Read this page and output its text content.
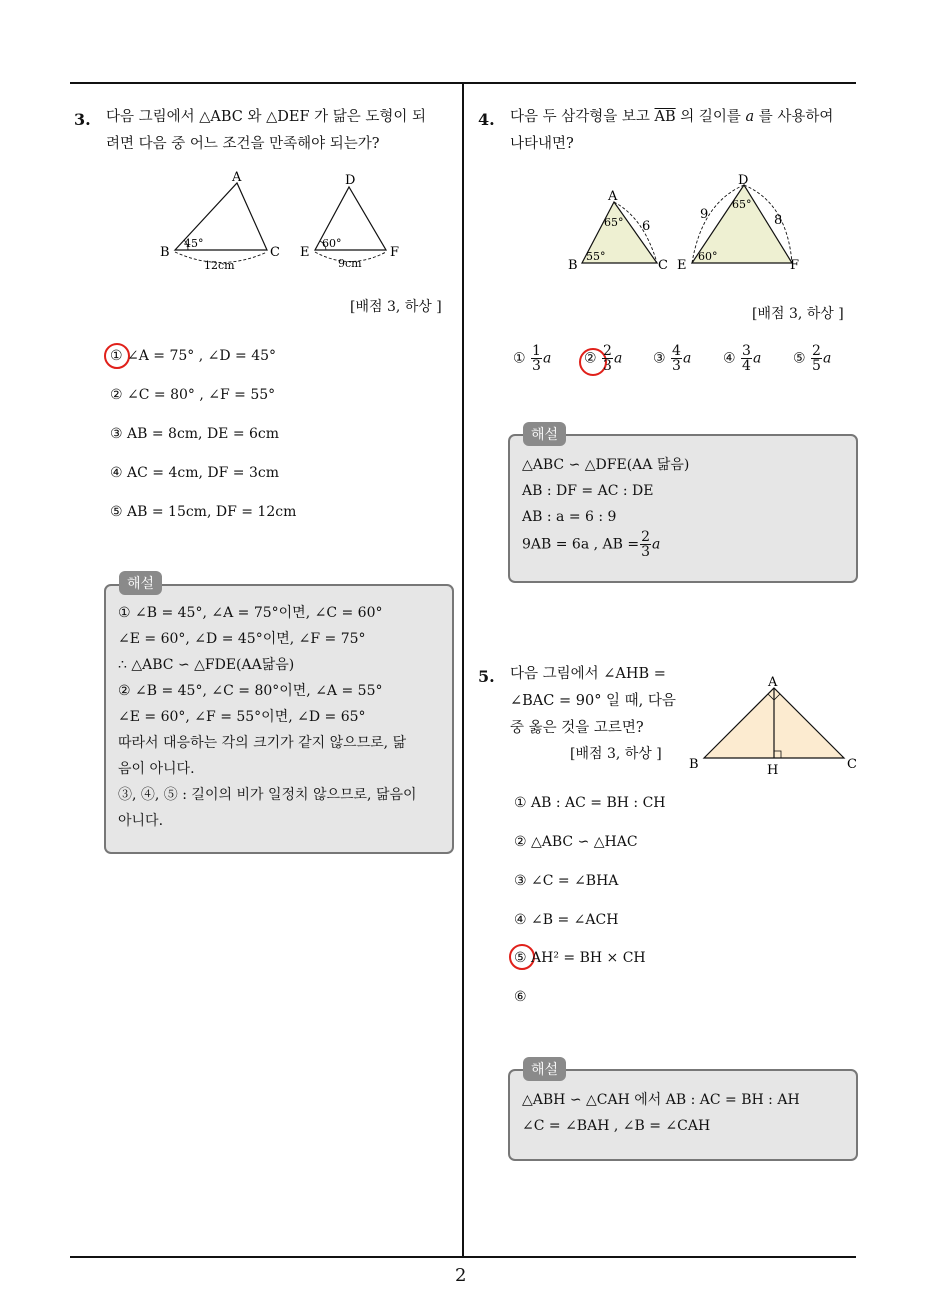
2
3. 다음 그림에서 △ABC 와 △DEF 가 닮은 도형이 되
려면 다음 중 어느 조건을 만족해야 되는가?
A
B	C
45°
12cm
D
E	F
60°
9cm
[배점 3, 하상 ]
① ∠A = 75° , ∠D = 45°
② ∠C = 80° , ∠F = 55°
③ AB = 8cm, DE = 6cm
④ AC = 4cm, DF = 3cm
⑤ AB = 15cm, DF = 12cm
해설
① ∠B = 45°, ∠A = 75°이면, ∠C = 60°
∠E = 60°, ∠D = 45°이면, ∠F = 75°
∴ △ABC ∽ △FDE(AA닮음)
② ∠B = 45°, ∠C = 80°이면, ∠A = 55°
∠E = 60°, ∠F = 55°이면, ∠D = 65°
따라서 대응하는 각의 크기가 같지 않으므로, 닮
음이 아니다.
③, ④, ⑤ : 길이의 비가 일정치 않으므로, 닮음이
아니다.
4. 다음 두 삼각형을 보고 $\overline{AB}$ 의 길이를 a 를 사용하여
나타내면?
A
B	C
65°
55°
6
D
E	F
65°
60°
9	8
[배점 3, 하상 ]
① $\frac{1}{3}$ a ② $\frac{2}{3}$ a ③ $\frac{4}{3}$ a ④ $\frac{3}{4}$ a ⑤ $\frac{2}{5}$ a
해설
△ABC ∽ △DFE(AA 닮음)
AB : DF = AC : DE
AB : a = 6 : 9
9AB = 6a , AB = $\frac{2}{3}$ a
5. 다음 그림에서 ∠AHB =
∠BAC = 90° 일 때, 다음
중 옳은 것을 고르면?
[배점 3, 하상 ]
A
B	C
H
① AB : AC = BH : CH
② △ABC ∽ △HAC
③ ∠C = ∠BHA
④ ∠B = ∠ACH
⑤ AH² = BH × CH
⑥
해설
△ABH ∽ △CAH 에서 AB : AC = BH : AH
∠C = ∠BAH , ∠B = ∠CAH
